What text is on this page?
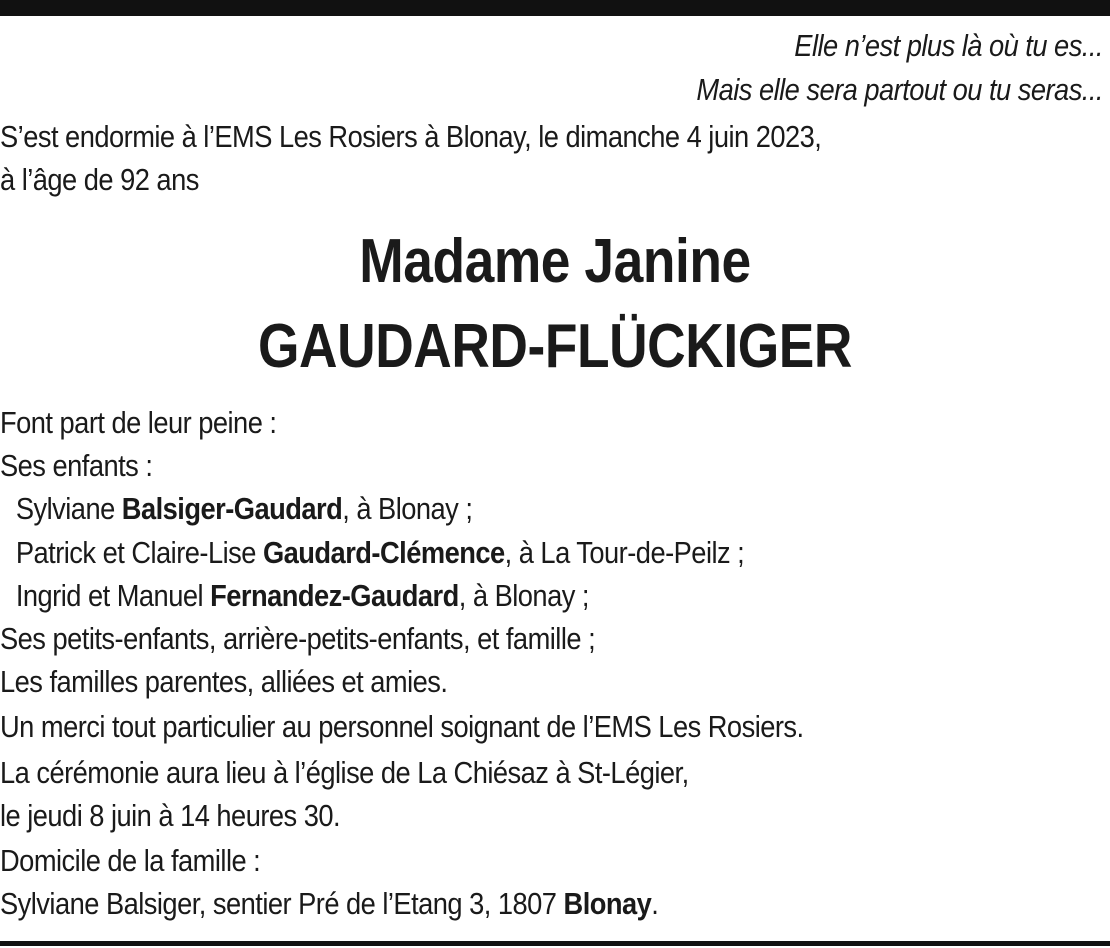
Elle n’est plus là où tu es...
Mais elle sera partout ou tu seras...
S’est endormie à l’EMS Les Rosiers à Blonay, le dimanche 4 juin 2023,
à l’âge de 92 ans
Madame Janine
GAUDARD-FLÜCKIGER
Font part de leur peine :
Ses enfants :
Sylviane Balsiger-Gaudard, à Blonay ;
Patrick et Claire-Lise Gaudard-Clémence, à La Tour-de-Peilz ;
Ingrid et Manuel Fernandez-Gaudard, à Blonay ;
Ses petits-enfants, arrière-petits-enfants, et famille ;
Les familles parentes, alliées et amies.
Un merci tout particulier au personnel soignant de l’EMS Les Rosiers.
La cérémonie aura lieu à l’église de La Chiésaz à St-Légier,
le jeudi 8 juin à 14 heures 30.
Domicile de la famille :
Sylviane Balsiger, sentier Pré de l’Etang 3, 1807 Blonay.
